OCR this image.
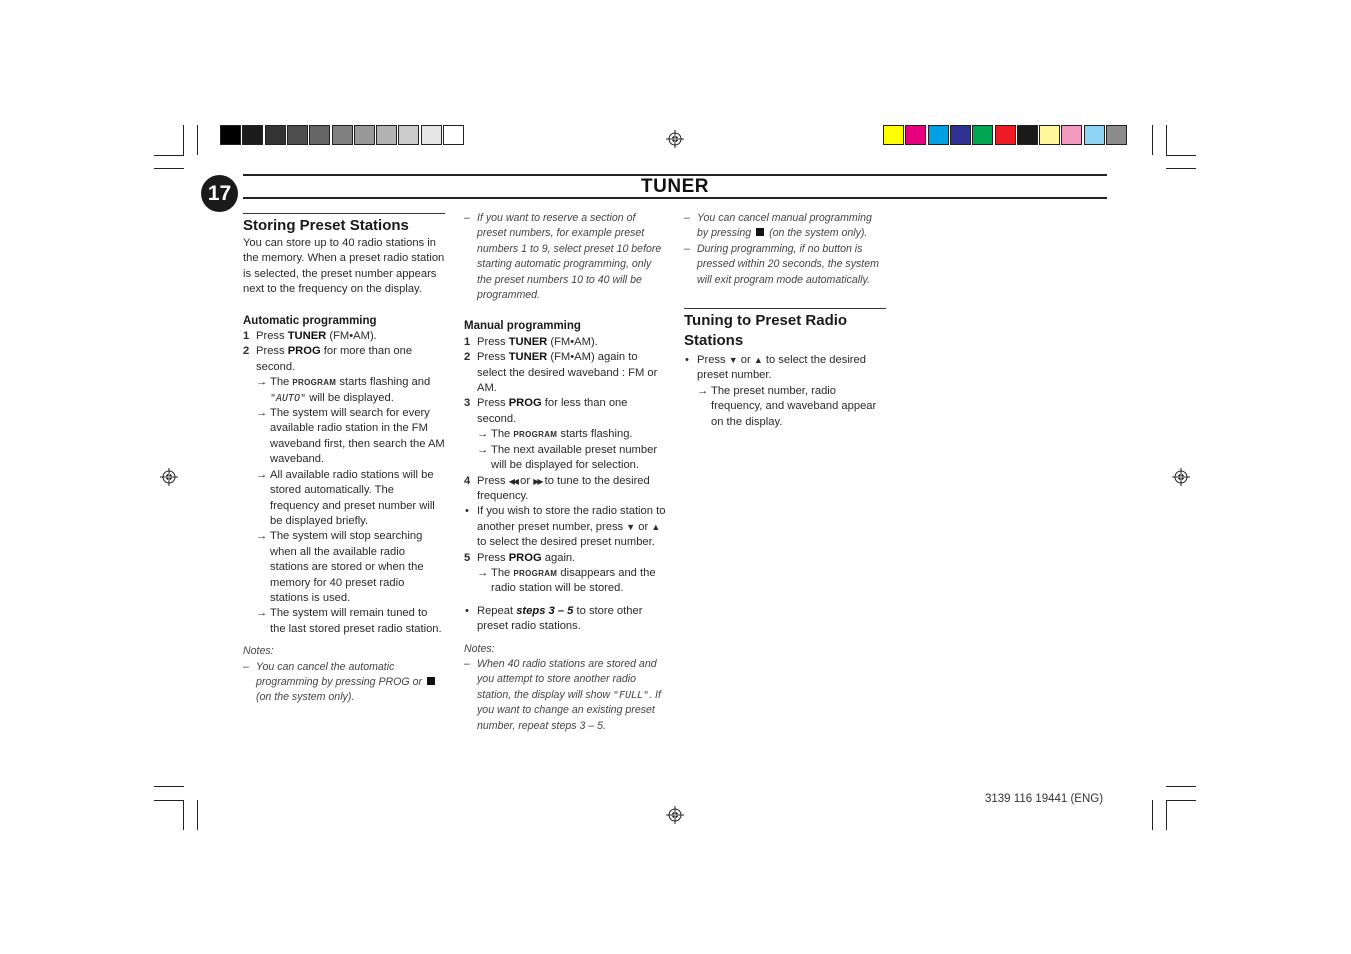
17	TUNER
Storing Preset Stations

You can store up to 40 radio stations in the memory. When a preset radio station is selected, the preset number appears next to the frequency on the display.

Automatic programming
1 Press TUNER (FM•AM).
2 Press PROG for more than one second.
→ The PROGRAM starts flashing and "AUTO" will be displayed.
→ The system will search for every available radio station in the FM waveband first, then search the AM waveband.
→ All available radio stations will be stored automatically. The frequency and preset number will be displayed briefly.
→ The system will stop searching when all the available radio stations are stored or when the memory for 40 preset radio stations is used.
→ The system will remain tuned to the last stored preset radio station.

Notes:

– You can cancel the automatic programming by pressing PROG or  (on the system only).
– If you want to reserve a section of preset numbers, for example preset numbers 1 to 9, select preset 10 before starting automatic programming, only the preset numbers 10 to 40 will be programmed.
Manual programming
1 Press TUNER (FM•AM).
2 Press TUNER (FM•AM) again to select the desired waveband : FM or AM.
3 Press PROG for less than one second.
→ The PROGRAM starts flashing.
→ The next available preset number will be displayed for selection.
4 Press ◀◀ or ▶▶ to tune to the desired frequency.
• If you wish to store the radio station to another preset number, press ▼ or ▲ to select the desired preset number.
5 Press PROG again.
→ The PROGRAM disappears and the radio station will be stored.
• Repeat steps 3 – 5 to store other preset radio stations.

Notes:

– When 40 radio stations are stored and you attempt to store another radio station, the display will show "FULL". If you want to change an existing preset number, repeat steps 3 – 5.
– You can cancel manual programming by pressing  (on the system only).
– During programming, if no button is pressed within 20 seconds, the system will exit program mode automatically.
Tuning to Preset Radio Stations
• Press ▼ or ▲ to select the desired preset number.
→ The preset number, radio frequency, and waveband appear on the display.
3139 116 19441 (ENG)
